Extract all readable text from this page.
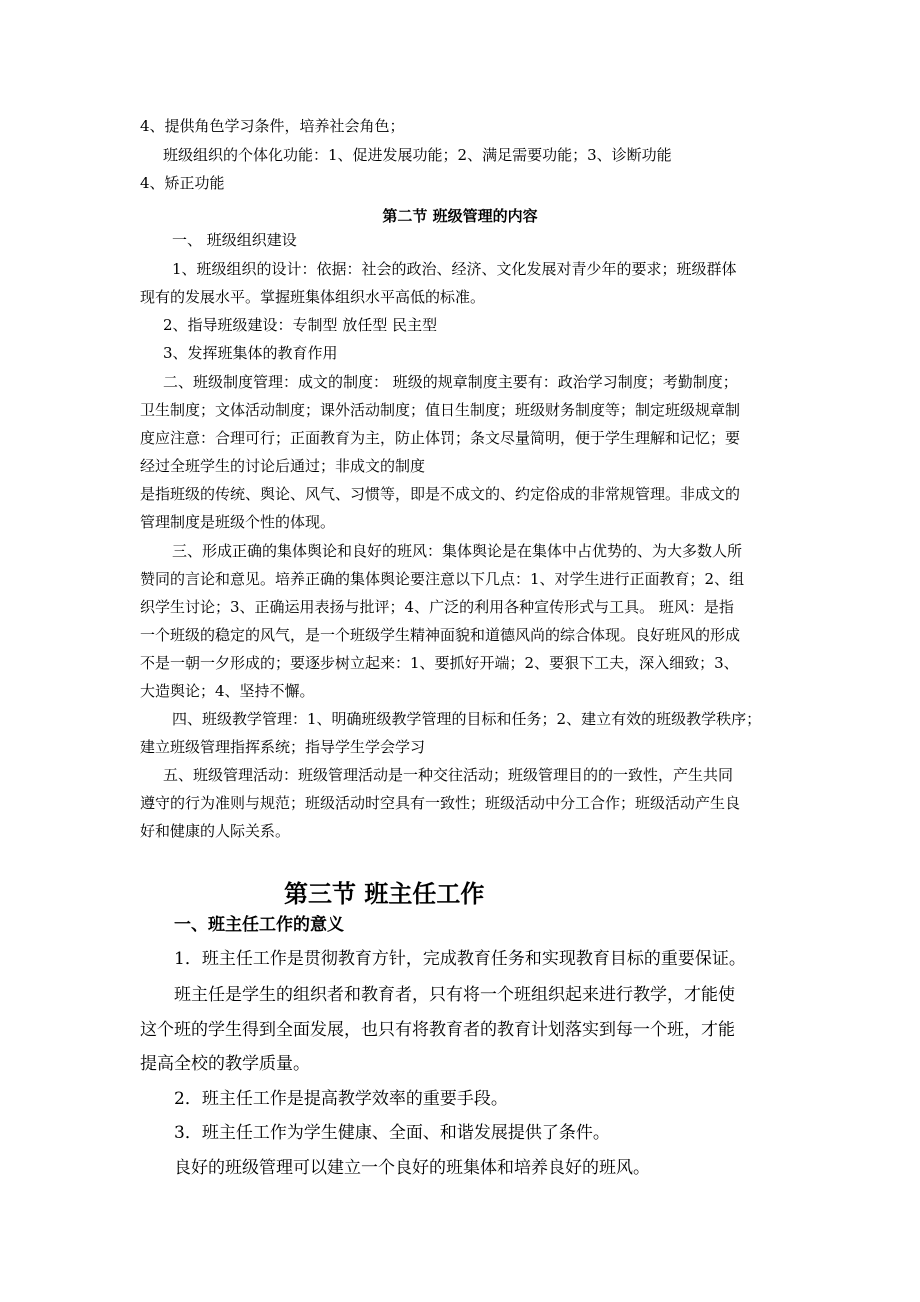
4、提供角色学习条件，培养社会角色；
班级组织的个体化功能：1、促进发展功能；2、满足需要功能；3、诊断功能
4、矫正功能
第二节 班级管理的内容
一、 班级组织建设
1、班级组织的设计：依据：社会的政治、经济、文化发展对青少年的要求；班级群体
现有的发展水平。掌握班集体组织水平高低的标准。
2、指导班级建设：专制型 放任型 民主型
3、发挥班集体的教育作用
二、班级制度管理：成文的制度： 班级的规章制度主要有：政治学习制度；考勤制度；
卫生制度；文体活动制度；课外活动制度；值日生制度；班级财务制度等；制定班级规章制
度应注意：合理可行；正面教育为主，防止体罚；条文尽量简明，便于学生理解和记忆；要
经过全班学生的讨论后通过；非成文的制度
是指班级的传统、舆论、风气、习惯等，即是不成文的、约定俗成的非常规管理。非成文的
管理制度是班级个性的体现。
三、形成正确的集体舆论和良好的班风：集体舆论是在集体中占优势的、为大多数人所
赞同的言论和意见。培养正确的集体舆论要注意以下几点：1、对学生进行正面教育；2、组
织学生讨论；3、正确运用表扬与批评；4、广泛的利用各种宣传形式与工具。 班风：是指
一个班级的稳定的风气，是一个班级学生精神面貌和道德风尚的综合体现。良好班风的形成
不是一朝一夕形成的；要逐步树立起来：1、要抓好开端；2、要狠下工夫，深入细致；3、
大造舆论；4、坚持不懈。
四、班级教学管理：1、明确班级教学管理的目标和任务；2、建立有效的班级教学秩序；
建立班级管理指挥系统；指导学生学会学习
五、班级管理活动：班级管理活动是一种交往活动；班级管理目的的一致性，产生共同
遵守的行为准则与规范；班级活动时空具有一致性；班级活动中分工合作；班级活动产生良
好和健康的人际关系。
第三节 班主任工作
一、班主任工作的意义
1．班主任工作是贯彻教育方针，完成教育任务和实现教育目标的重要保证。
班主任是学生的组织者和教育者，只有将一个班组织起来进行教学，才能使
这个班的学生得到全面发展，也只有将教育者的教育计划落实到每一个班，才能
提高全校的教学质量。
2．班主任工作是提高教学效率的重要手段。
3．班主任工作为学生健康、全面、和谐发展提供了条件。
良好的班级管理可以建立一个良好的班集体和培养良好的班风。
